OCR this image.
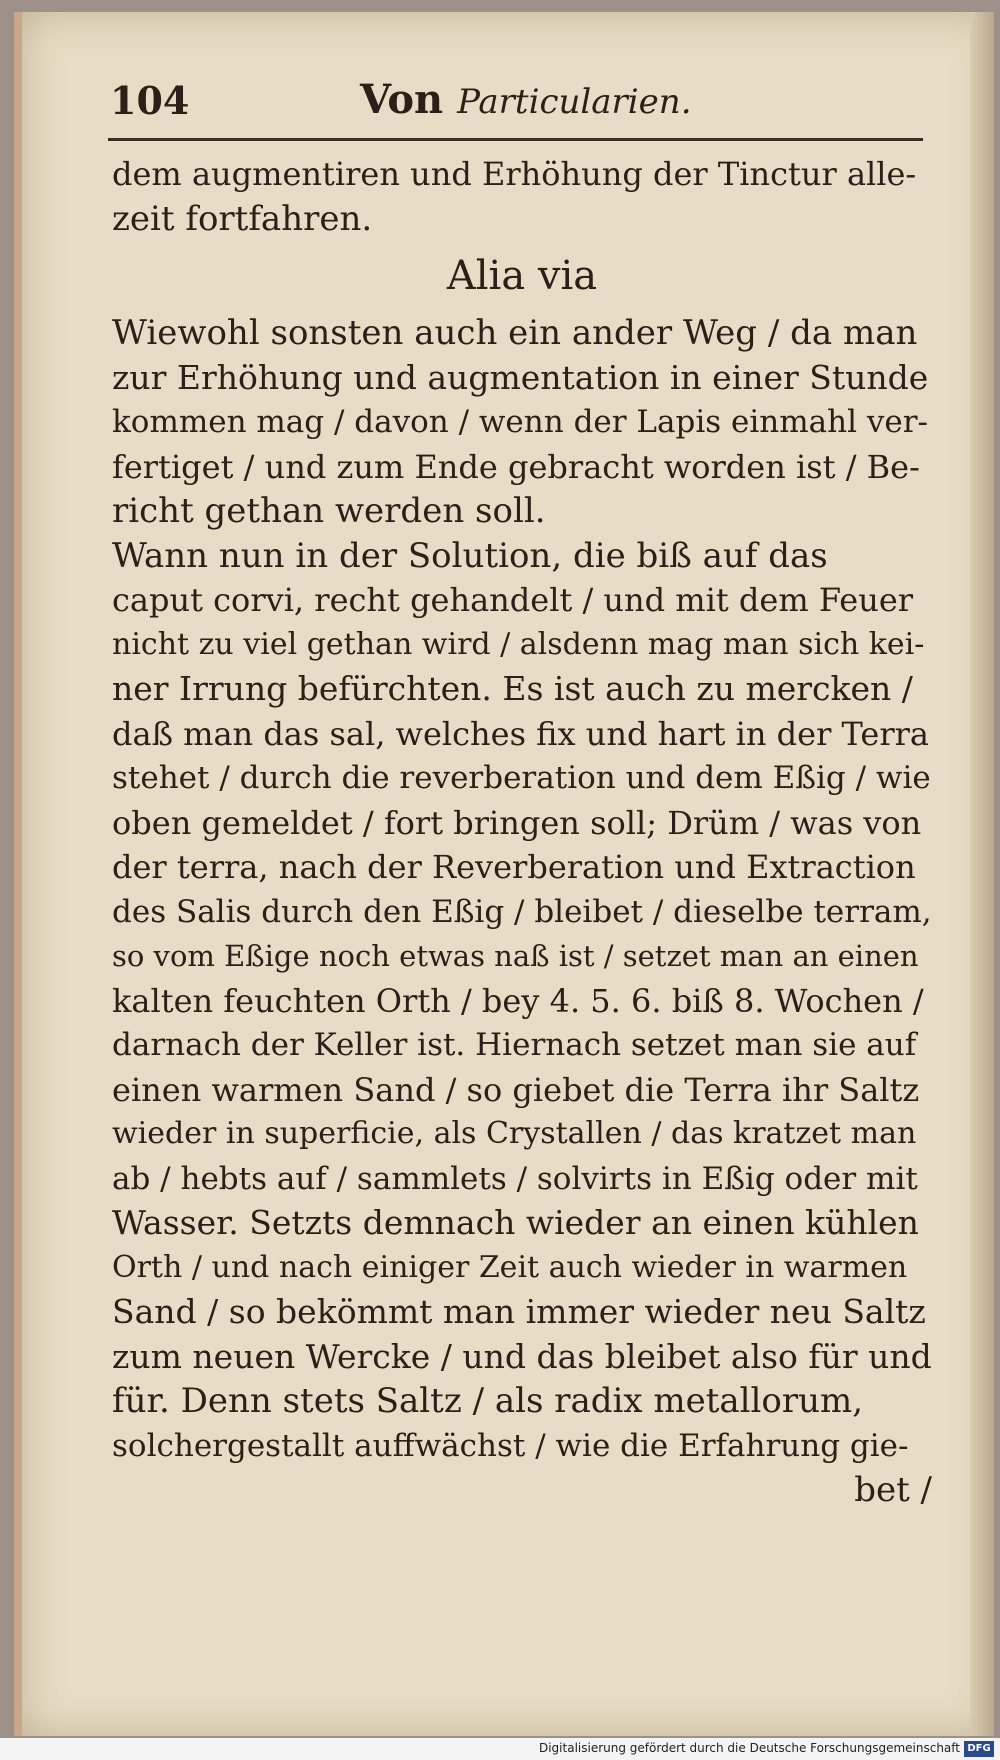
104	Von Particularien.
dem augmentiren und Erhöhung der Tinctur alle-
zeit fortfahren.
Alia via
Wiewohl sonsten auch ein ander Weg / da man
zur Erhöhung und augmentation in einer Stunde
kommen mag / davon / wenn der Lapis einmahl ver-
fertiget / und zum Ende gebracht worden ist / Be-
richt gethan werden soll.
Wann nun in der Solution, die biß auf das
caput corvi, recht gehandelt / und mit dem Feuer
nicht zu viel gethan wird / alsdenn mag man sich kei-
ner Irrung befürchten. Es ist auch zu mercken /
daß man das sal, welches fix und hart in der Terra
stehet / durch die reverberation und dem Eßig / wie
oben gemeldet / fort bringen soll; Drüm / was von
der terra, nach der Reverberation und Extraction
des Salis durch den Eßig / bleibet / dieselbe terram,
so vom Eßige noch etwas naß ist / setzet man an einen
kalten feuchten Orth / bey 4. 5. 6. biß 8. Wochen /
darnach der Keller ist. Hiernach setzet man sie auf
einen warmen Sand / so giebet die Terra ihr Saltz
wieder in superficie, als Crystallen / das kratzet man
ab / hebts auf / sammlets / solvirts in Eßig oder mit
Wasser. Setzts demnach wieder an einen kühlen
Orth / und nach einiger Zeit auch wieder in warmen
Sand / so bekömmt man immer wieder neu Saltz
zum neuen Wercke / und das bleibet also für und
für. Denn stets Saltz / als radix metallorum,
solchergestallt auffwächst / wie die Erfahrung gie-
bet /
Digitalisierung gefördert durch die Deutsche Forschungsgemeinschaft DFG
